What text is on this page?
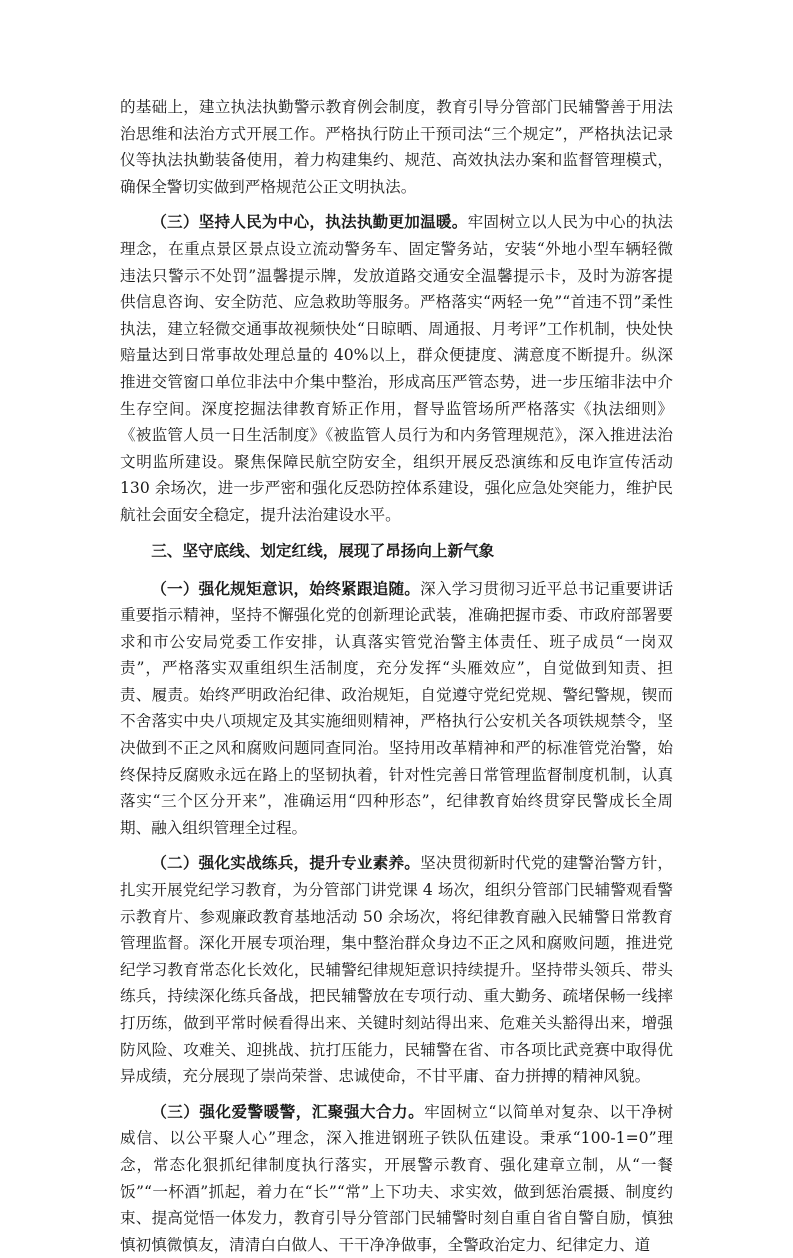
的基础上，建立执法执勤警示教育例会制度，教育引导分管部门民辅警善于用法治思维和法治方式开展工作。严格执行防止干预司法“三个规定”，严格执法记录仪等执法执勤装备使用，着力构建集约、规范、高效执法办案和监督管理模式，确保全警切实做到严格规范公正文明执法。

（三）坚持人民为中心，执法执勤更加温暖。牢固树立以人民为中心的执法理念，在重点景区景点设立流动警务车、固定警务站，安装“外地小型车辆轻微违法只警示不处罚”温馨提示牌，发放道路交通安全温馨提示卡，及时为游客提供信息咨询、安全防范、应急救助等服务。严格落实“两轻一免”“首违不罚”柔性执法，建立轻微交通事故视频快处“日晾晒、周通报、月考评”工作机制，快处快赔量达到日常事故处理总量的 40%以上，群众便捷度、满意度不断提升。纵深推进交管窗口单位非法中介集中整治，形成高压严管态势，进一步压缩非法中介生存空间。深度挖掘法律教育矫正作用，督导监管场所严格落实《执法细则》《被监管人员一日生活制度》《被监管人员行为和内务管理规范》，深入推进法治文明监所建设。聚焦保障民航空防安全，组织开展反恐演练和反电诈宣传活动 130 余场次，进一步严密和强化反恐防控体系建设，强化应急处突能力，维护民航社会面安全稳定，提升法治建设水平。

三、坚守底线、划定红线，展现了昂扬向上新气象

（一）强化规矩意识，始终紧跟追随。深入学习贯彻习近平总书记重要讲话重要指示精神，坚持不懈强化党的创新理论武装，准确把握市委、市政府部署要求和市公安局党委工作安排，认真落实管党治警主体责任、班子成员“一岗双责”，严格落实双重组织生活制度，充分发挥“头雁效应”，自觉做到知责、担责、履责。始终严明政治纪律、政治规矩，自觉遵守党纪党规、警纪警规，锲而不舍落实中央八项规定及其实施细则精神，严格执行公安机关各项铁规禁令，坚决做到不正之风和腐败问题同查同治。坚持用改革精神和严的标准管党治警，始终保持反腐败永远在路上的坚韧执着，针对性完善日常管理监督制度机制，认真落实“三个区分开来”，准确运用“四种形态”，纪律教育始终贯穿民警成长全周期、融入组织管理全过程。

（二）强化实战练兵，提升专业素养。坚决贯彻新时代党的建警治警方针，扎实开展党纪学习教育，为分管部门讲党课 4 场次，组织分管部门民辅警观看警示教育片、参观廉政教育基地活动 50 余场次，将纪律教育融入民辅警日常教育管理监督。深化开展专项治理，集中整治群众身边不正之风和腐败问题，推进党纪学习教育常态化长效化，民辅警纪律规矩意识持续提升。坚持带头领兵、带头练兵，持续深化练兵备战，把民辅警放在专项行动、重大勤务、疏堵保畅一线摔打历练，做到平常时候看得出来、关键时刻站得出来、危难关头豁得出来，增强防风险、攻难关、迎挑战、抗打压能力，民辅警在省、市各项比武竞赛中取得优异成绩，充分展现了崇尚荣誉、忠诚使命，不甘平庸、奋力拼搏的精神风貌。

（三）强化爱警暖警，汇聚强大合力。牢固树立“以简单对复杂、以干净树威信、以公平聚人心”理念，深入推进钢班子铁队伍建设。秉承“100-1=0”理念，常态化狠抓纪律制度执行落实，开展警示教育、强化建章立制，从“一餐饭”“一杯酒”抓起，着力在“长”“常”上下功夫、求实效，做到惩治震摄、制度约束、提高觉悟一体发力，教育引导分管部门民辅警时刻自重自省自警自励，慎独慎初慎微慎友，清清白白做人、干干净净做事，全警政治定力、纪律定力、道
